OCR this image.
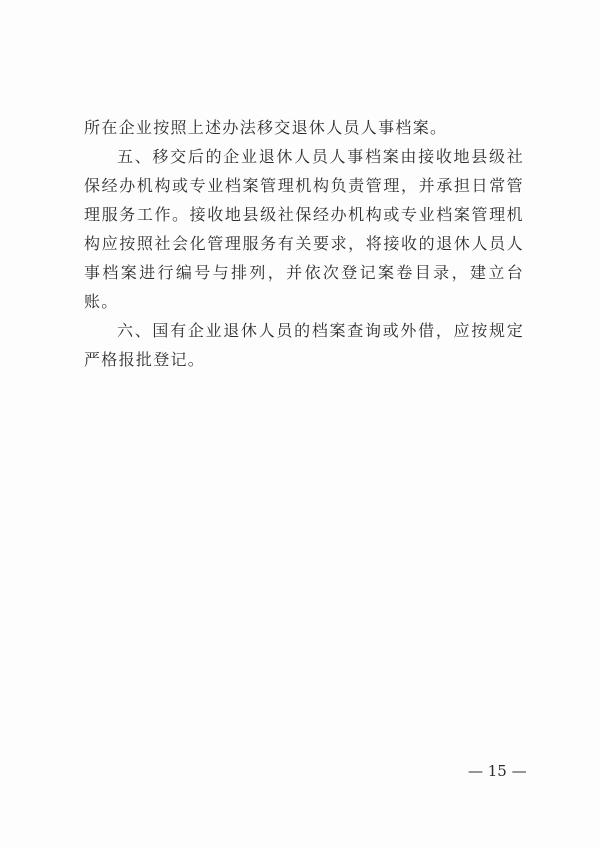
所在企业按照上述办法移交退休人员人事档案。

五、移交后的企业退休人员人事档案由接收地县级社保经办机构或专业档案管理机构负责管理，并承担日常管理服务工作。接收地县级社保经办机构或专业档案管理机构应按照社会化管理服务有关要求，将接收的退休人员人事档案进行编号与排列，并依次登记案卷目录，建立台账。

六、国有企业退休人员的档案查询或外借，应按规定严格报批登记。

— 15 —
